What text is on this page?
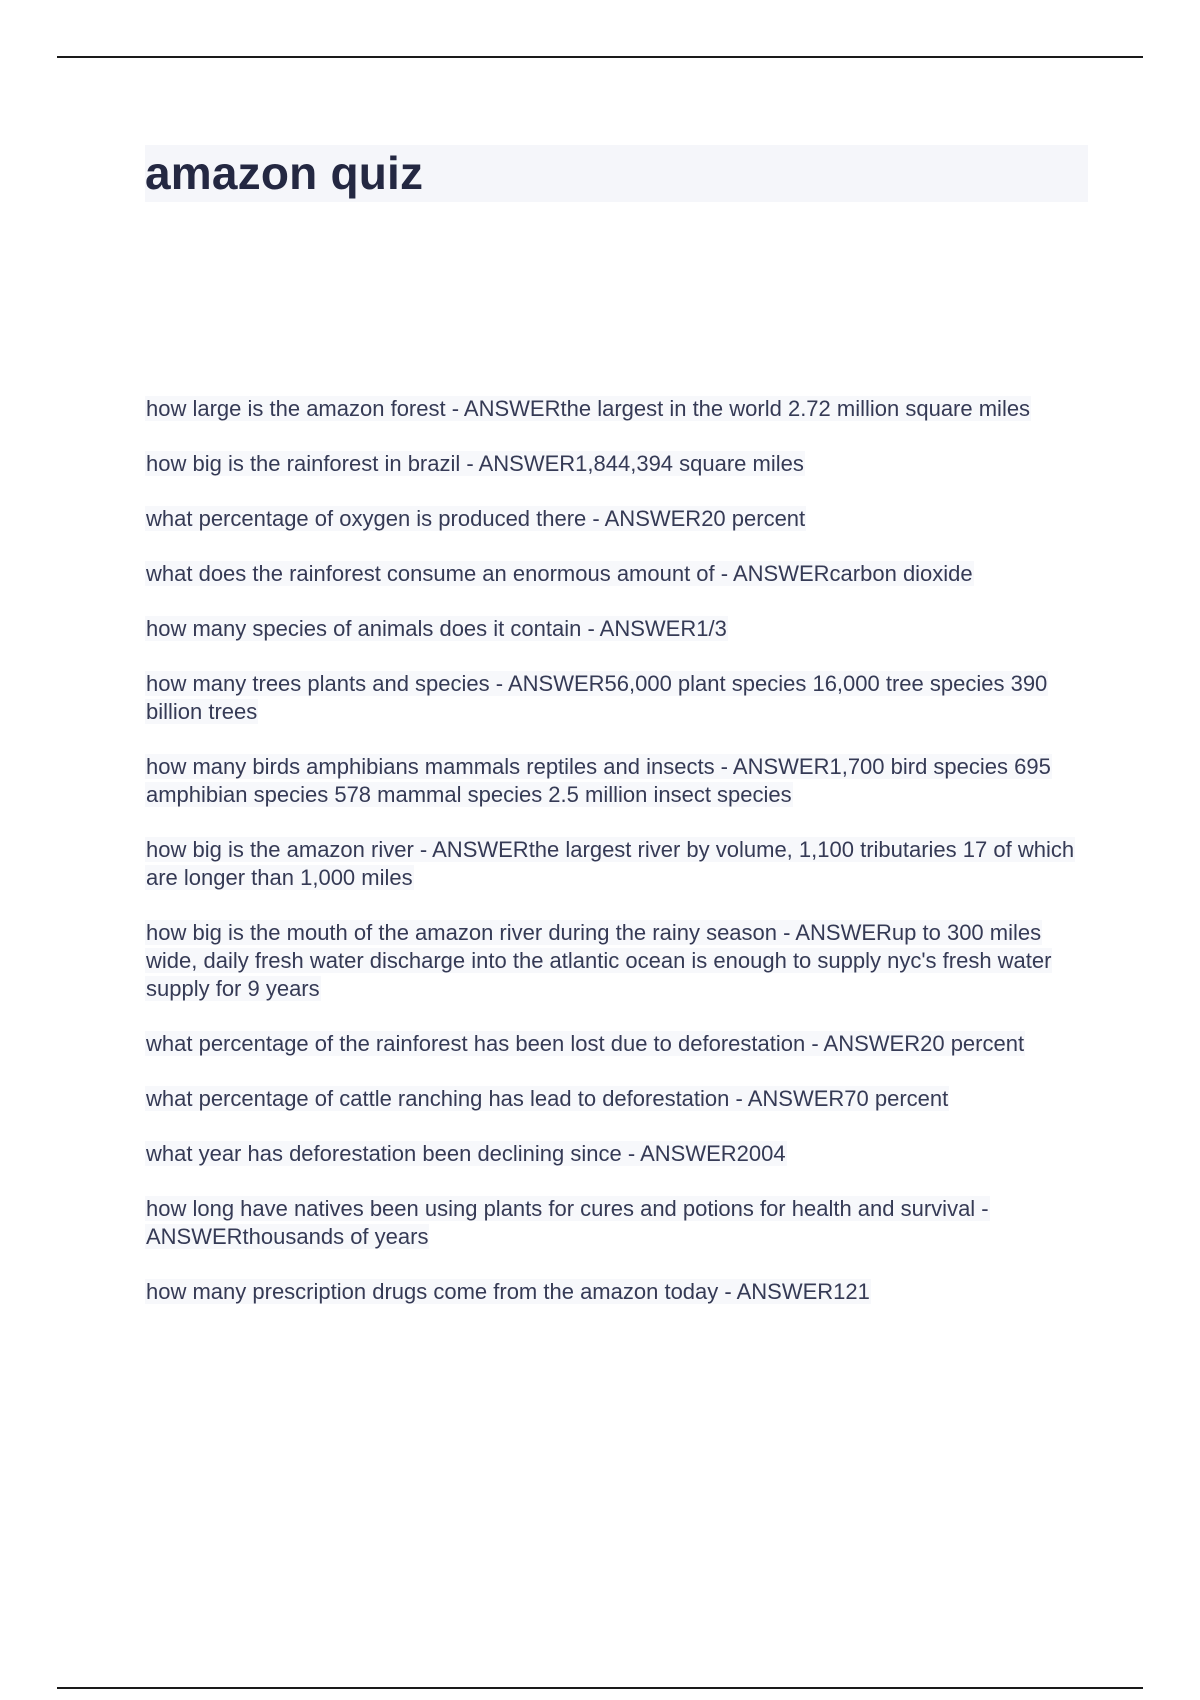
amazon quiz
how large is the amazon forest - ANSWERthe largest in the world 2.72 million square miles
how big is the rainforest in brazil - ANSWER1,844,394 square miles
what percentage of oxygen is produced there - ANSWER20 percent
what does the rainforest consume an enormous amount of - ANSWERcarbon dioxide
how many species of animals does it contain - ANSWER1/3
how many trees plants and species - ANSWER56,000 plant species 16,000 tree species 390 billion trees
how many birds amphibians mammals reptiles and insects - ANSWER1,700 bird species 695 amphibian species 578 mammal species 2.5 million insect species
how big is the amazon river - ANSWERthe largest river by volume, 1,100 tributaries 17 of which are longer than 1,000 miles
how big is the mouth of the amazon river during the rainy season - ANSWERup to 300 miles wide, daily fresh water discharge into the atlantic ocean is enough to supply nyc's fresh water supply for 9 years
what percentage of the rainforest has been lost due to deforestation - ANSWER20 percent
what percentage of cattle ranching has lead to deforestation - ANSWER70 percent
what year has deforestation been declining since - ANSWER2004
how long have natives been using plants for cures and potions for health and survival - ANSWERthousands of years
how many prescription drugs come from the amazon today - ANSWER121
